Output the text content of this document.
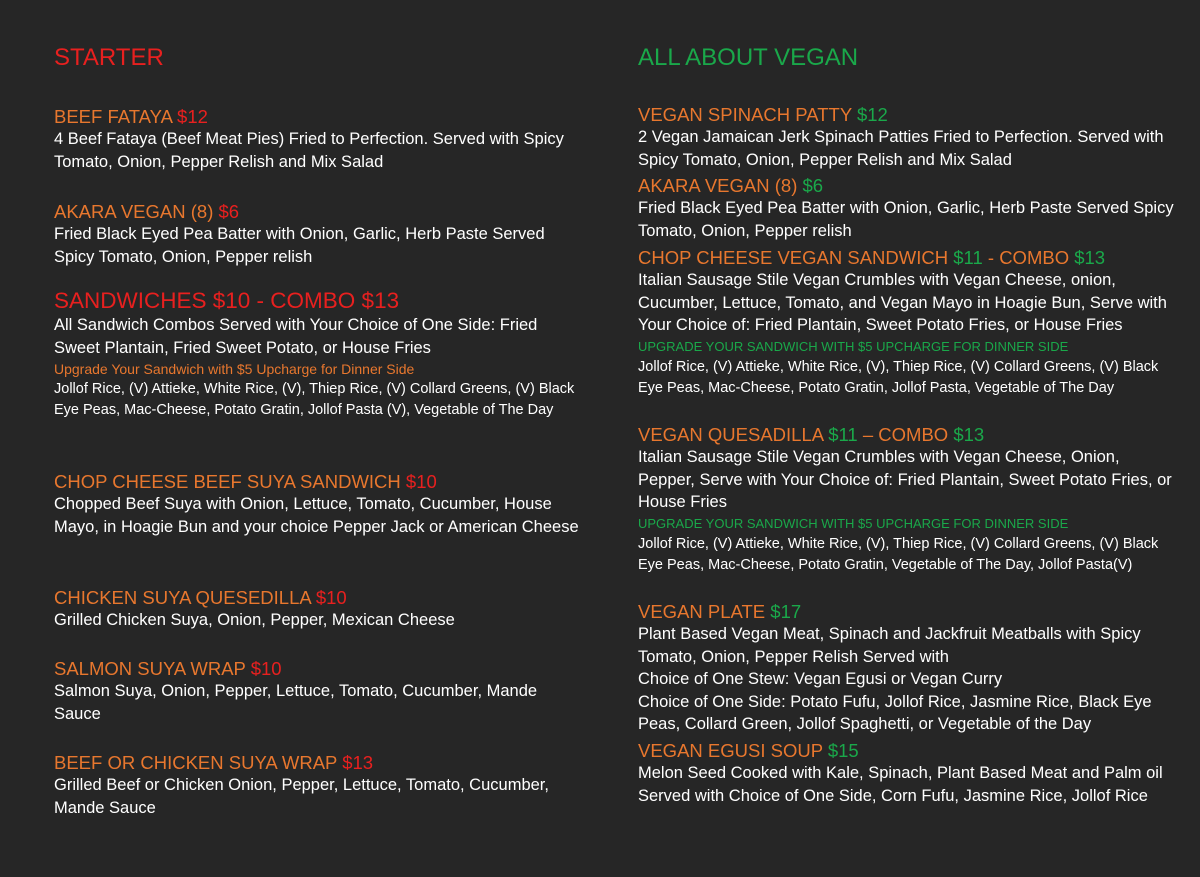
STARTER
BEEF FATAYA $12
4 Beef Fataya (Beef Meat Pies) Fried to Perfection. Served with Spicy Tomato, Onion, Pepper Relish and Mix Salad
AKARA VEGAN (8) $6
Fried Black Eyed Pea Batter with Onion, Garlic, Herb Paste Served Spicy Tomato, Onion, Pepper relish
SANDWICHES $10 - COMBO $13
All Sandwich Combos Served with Your Choice of One Side: Fried Sweet Plantain, Fried Sweet Potato, or House Fries
Upgrade Your Sandwich with $5 Upcharge for Dinner Side
Jollof Rice, (V) Attieke, White Rice, (V), Thiep Rice, (V) Collard Greens, (V) Black Eye Peas, Mac-Cheese, Potato Gratin, Jollof Pasta (V), Vegetable of The Day
CHOP CHEESE BEEF SUYA SANDWICH $10
Chopped Beef Suya with Onion, Lettuce, Tomato, Cucumber, House Mayo, in Hoagie Bun and your choice Pepper Jack or American Cheese
CHICKEN SUYA QUESEDILLA $10
Grilled Chicken Suya, Onion, Pepper, Mexican Cheese
SALMON SUYA WRAP $10
Salmon Suya, Onion, Pepper, Lettuce, Tomato, Cucumber, Mande Sauce
BEEF OR CHICKEN SUYA WRAP $13
Grilled Beef or Chicken Onion, Pepper, Lettuce, Tomato, Cucumber, Mande Sauce
ALL ABOUT VEGAN
VEGAN SPINACH PATTY $12
2 Vegan Jamaican Jerk Spinach Patties Fried to Perfection. Served with Spicy Tomato, Onion, Pepper Relish and Mix Salad
AKARA VEGAN (8) $6
Fried Black Eyed Pea Batter with Onion, Garlic, Herb Paste Served Spicy Tomato, Onion, Pepper relish
CHOP CHEESE VEGAN SANDWICH $11 - COMBO $13
Italian Sausage Stile Vegan Crumbles with Vegan Cheese, onion, Cucumber, Lettuce, Tomato, and Vegan Mayo in Hoagie Bun, Serve with Your Choice of: Fried Plantain, Sweet Potato Fries, or House Fries
UPGRADE YOUR SANDWICH WITH $5 UPCHARGE FOR DINNER SIDE
Jollof Rice, (V) Attieke, White Rice, (V), Thiep Rice, (V) Collard Greens, (V) Black Eye Peas, Mac-Cheese, Potato Gratin, Jollof Pasta, Vegetable of The Day
VEGAN QUESADILLA $11 – COMBO $13
Italian Sausage Stile Vegan Crumbles with Vegan Cheese, Onion, Pepper, Serve with Your Choice of: Fried Plantain, Sweet Potato Fries, or House Fries
UPGRADE YOUR SANDWICH WITH $5 UPCHARGE FOR DINNER SIDE
Jollof Rice, (V) Attieke, White Rice, (V), Thiep Rice, (V) Collard Greens, (V) Black Eye Peas, Mac-Cheese, Potato Gratin, Vegetable of The Day, Jollof Pasta(V)
VEGAN PLATE $17
Plant Based Vegan Meat, Spinach and Jackfruit Meatballs with Spicy Tomato, Onion, Pepper Relish Served with
Choice of One Stew: Vegan Egusi or Vegan Curry
Choice of One Side: Potato Fufu, Jollof Rice, Jasmine Rice, Black Eye Peas, Collard Green, Jollof Spaghetti, or Vegetable of the Day
VEGAN EGUSI SOUP $15
Melon Seed Cooked with Kale, Spinach, Plant Based Meat and Palm oil Served with Choice of One Side, Corn Fufu, Jasmine Rice, Jollof Rice
